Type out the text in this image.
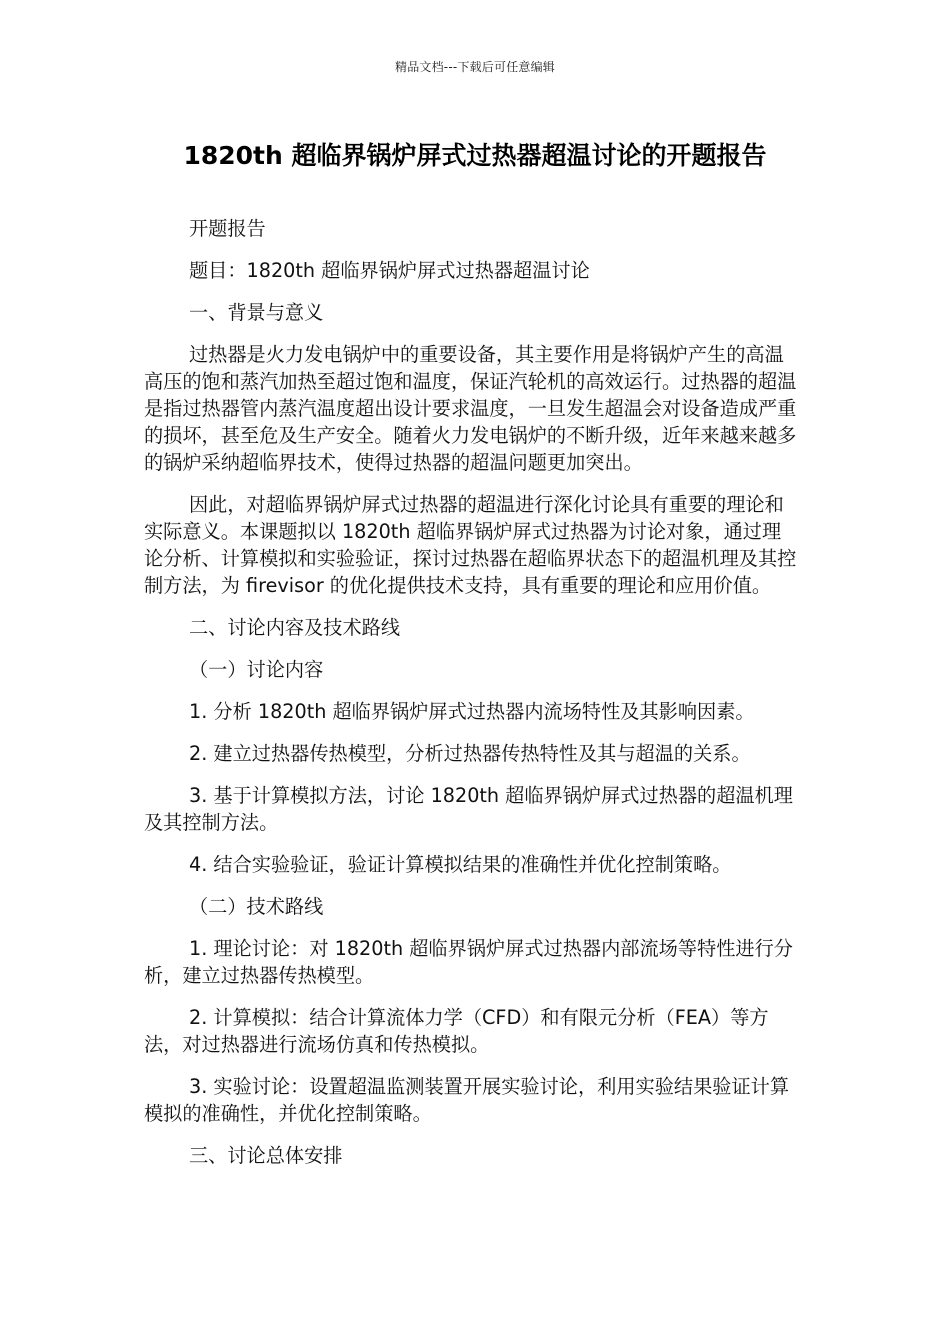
精品文档---下载后可任意编辑
1820th 超临界锅炉屏式过热器超温讨论的开题报告

开题报告

题目：1820th 超临界锅炉屏式过热器超温讨论

一、背景与意义

过热器是火力发电锅炉中的重要设备，其主要作用是将锅炉产生的高温高压的饱和蒸汽加热至超过饱和温度，保证汽轮机的高效运行。过热器的超温是指过热器管内蒸汽温度超出设计要求温度，一旦发生超温会对设备造成严重的损坏，甚至危及生产安全。随着火力发电锅炉的不断升级，近年来越来越多的锅炉采纳超临界技术，使得过热器的超温问题更加突出。

因此，对超临界锅炉屏式过热器的超温进行深化讨论具有重要的理论和实际意义。本课题拟以 1820th 超临界锅炉屏式过热器为讨论对象，通过理论分析、计算模拟和实验验证，探讨过热器在超临界状态下的超温机理及其控制方法，为 firevisor 的优化提供技术支持，具有重要的理论和应用价值。

二、讨论内容及技术路线

（一）讨论内容

1. 分析 1820th 超临界锅炉屏式过热器内流场特性及其影响因素。

2. 建立过热器传热模型，分析过热器传热特性及其与超温的关系。

3. 基于计算模拟方法，讨论 1820th 超临界锅炉屏式过热器的超温机理及其控制方法。

4. 结合实验验证，验证计算模拟结果的准确性并优化控制策略。

（二）技术路线

1. 理论讨论：对 1820th 超临界锅炉屏式过热器内部流场等特性进行分析，建立过热器传热模型。

2. 计算模拟：结合计算流体力学（CFD）和有限元分析（FEA）等方法，对过热器进行流场仿真和传热模拟。

3. 实验讨论：设置超温监测装置开展实验讨论，利用实验结果验证计算模拟的准确性，并优化控制策略。

三、讨论总体安排
